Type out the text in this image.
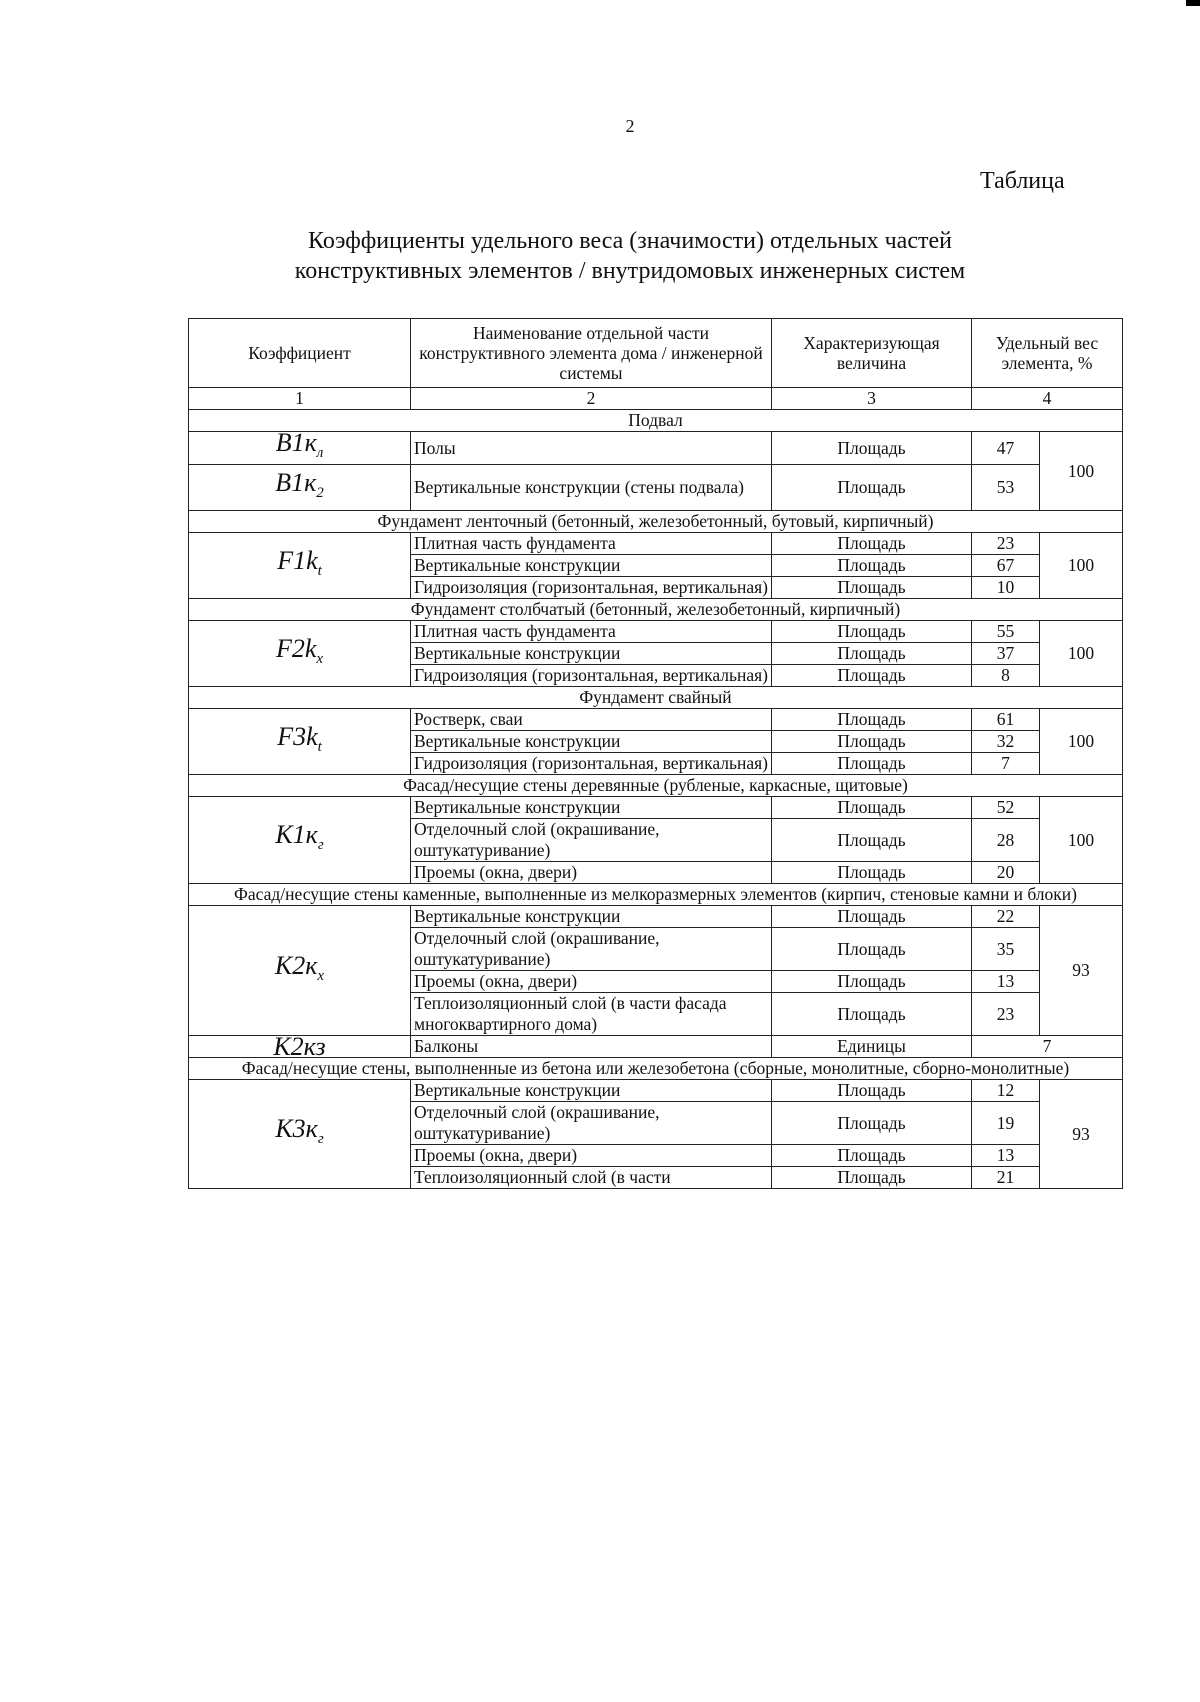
2
Таблица
Коэффициенты удельного веса (значимости) отдельных частей
конструктивных элементов / внутридомовых инженерных систем
Коэффициент	Наименование отдельной части конструктивного элемента дома / инженерной системы	Характеризующая величина	Удельный вес элемента, %	
1	2	3	4	
Подвал				
$B1к_л$	Полы	Площадь	47	100
$B1к_2$	Вертикальные конструкции (стены подвала)	Площадь	53	
Фундамент ленточный (бетонный, железобетонный, бутовый, кирпичный)				
$F1k_t$	Плитная часть фундамента	Площадь	23	100
	Вертикальные конструкции	Площадь	67	
	Гидроизоляция (горизонтальная, вертикальная)	Площадь	10	
Фундамент столбчатый (бетонный, железобетонный, кирпичный)				
$F2k_x$	Плитная часть фундамента	Площадь	55	100
	Вертикальные конструкции	Площадь	37	
	Гидроизоляция (горизонтальная, вертикальная)	Площадь	8	
Фундамент свайный				
$F3k_t$	Ростверк, сваи	Площадь	61	100
	Вертикальные конструкции	Площадь	32	
	Гидроизоляция (горизонтальная, вертикальная)	Площадь	7	
Фасад/несущие стены деревянные (рубленые, каркасные, щитовые)				
$K1к_г$	Вертикальные конструкции	Площадь	52	100
	Отделочный слой (окрашивание, оштукатуривание)	Площадь	28	
	Проемы (окна, двери)	Площадь	20	
Фасад/несущие стены каменные, выполненные из мелкоразмерных элементов (кирпич, стеновые камни и блоки)				
$K2к_x$	Вертикальные конструкции	Площадь	22	93
	Отделочный слой (окрашивание, оштукатуривание)	Площадь	35	
	Проемы (окна, двери)	Площадь	13	
	Теплоизоляционный слой (в части фасада многоквартирного дома)	Площадь	23	
K2кз	Балконы	Единицы	7	
Фасад/несущие стены, выполненные из бетона или железобетона (сборные, монолитные, сборно-монолитные)				
$K3к_г$	Вертикальные конструкции	Площадь	12	93
	Отделочный слой (окрашивание, оштукатуривание)	Площадь	19	
	Проемы (окна, двери)	Площадь	13	
	Теплоизоляционный слой (в части	Площадь	21	
